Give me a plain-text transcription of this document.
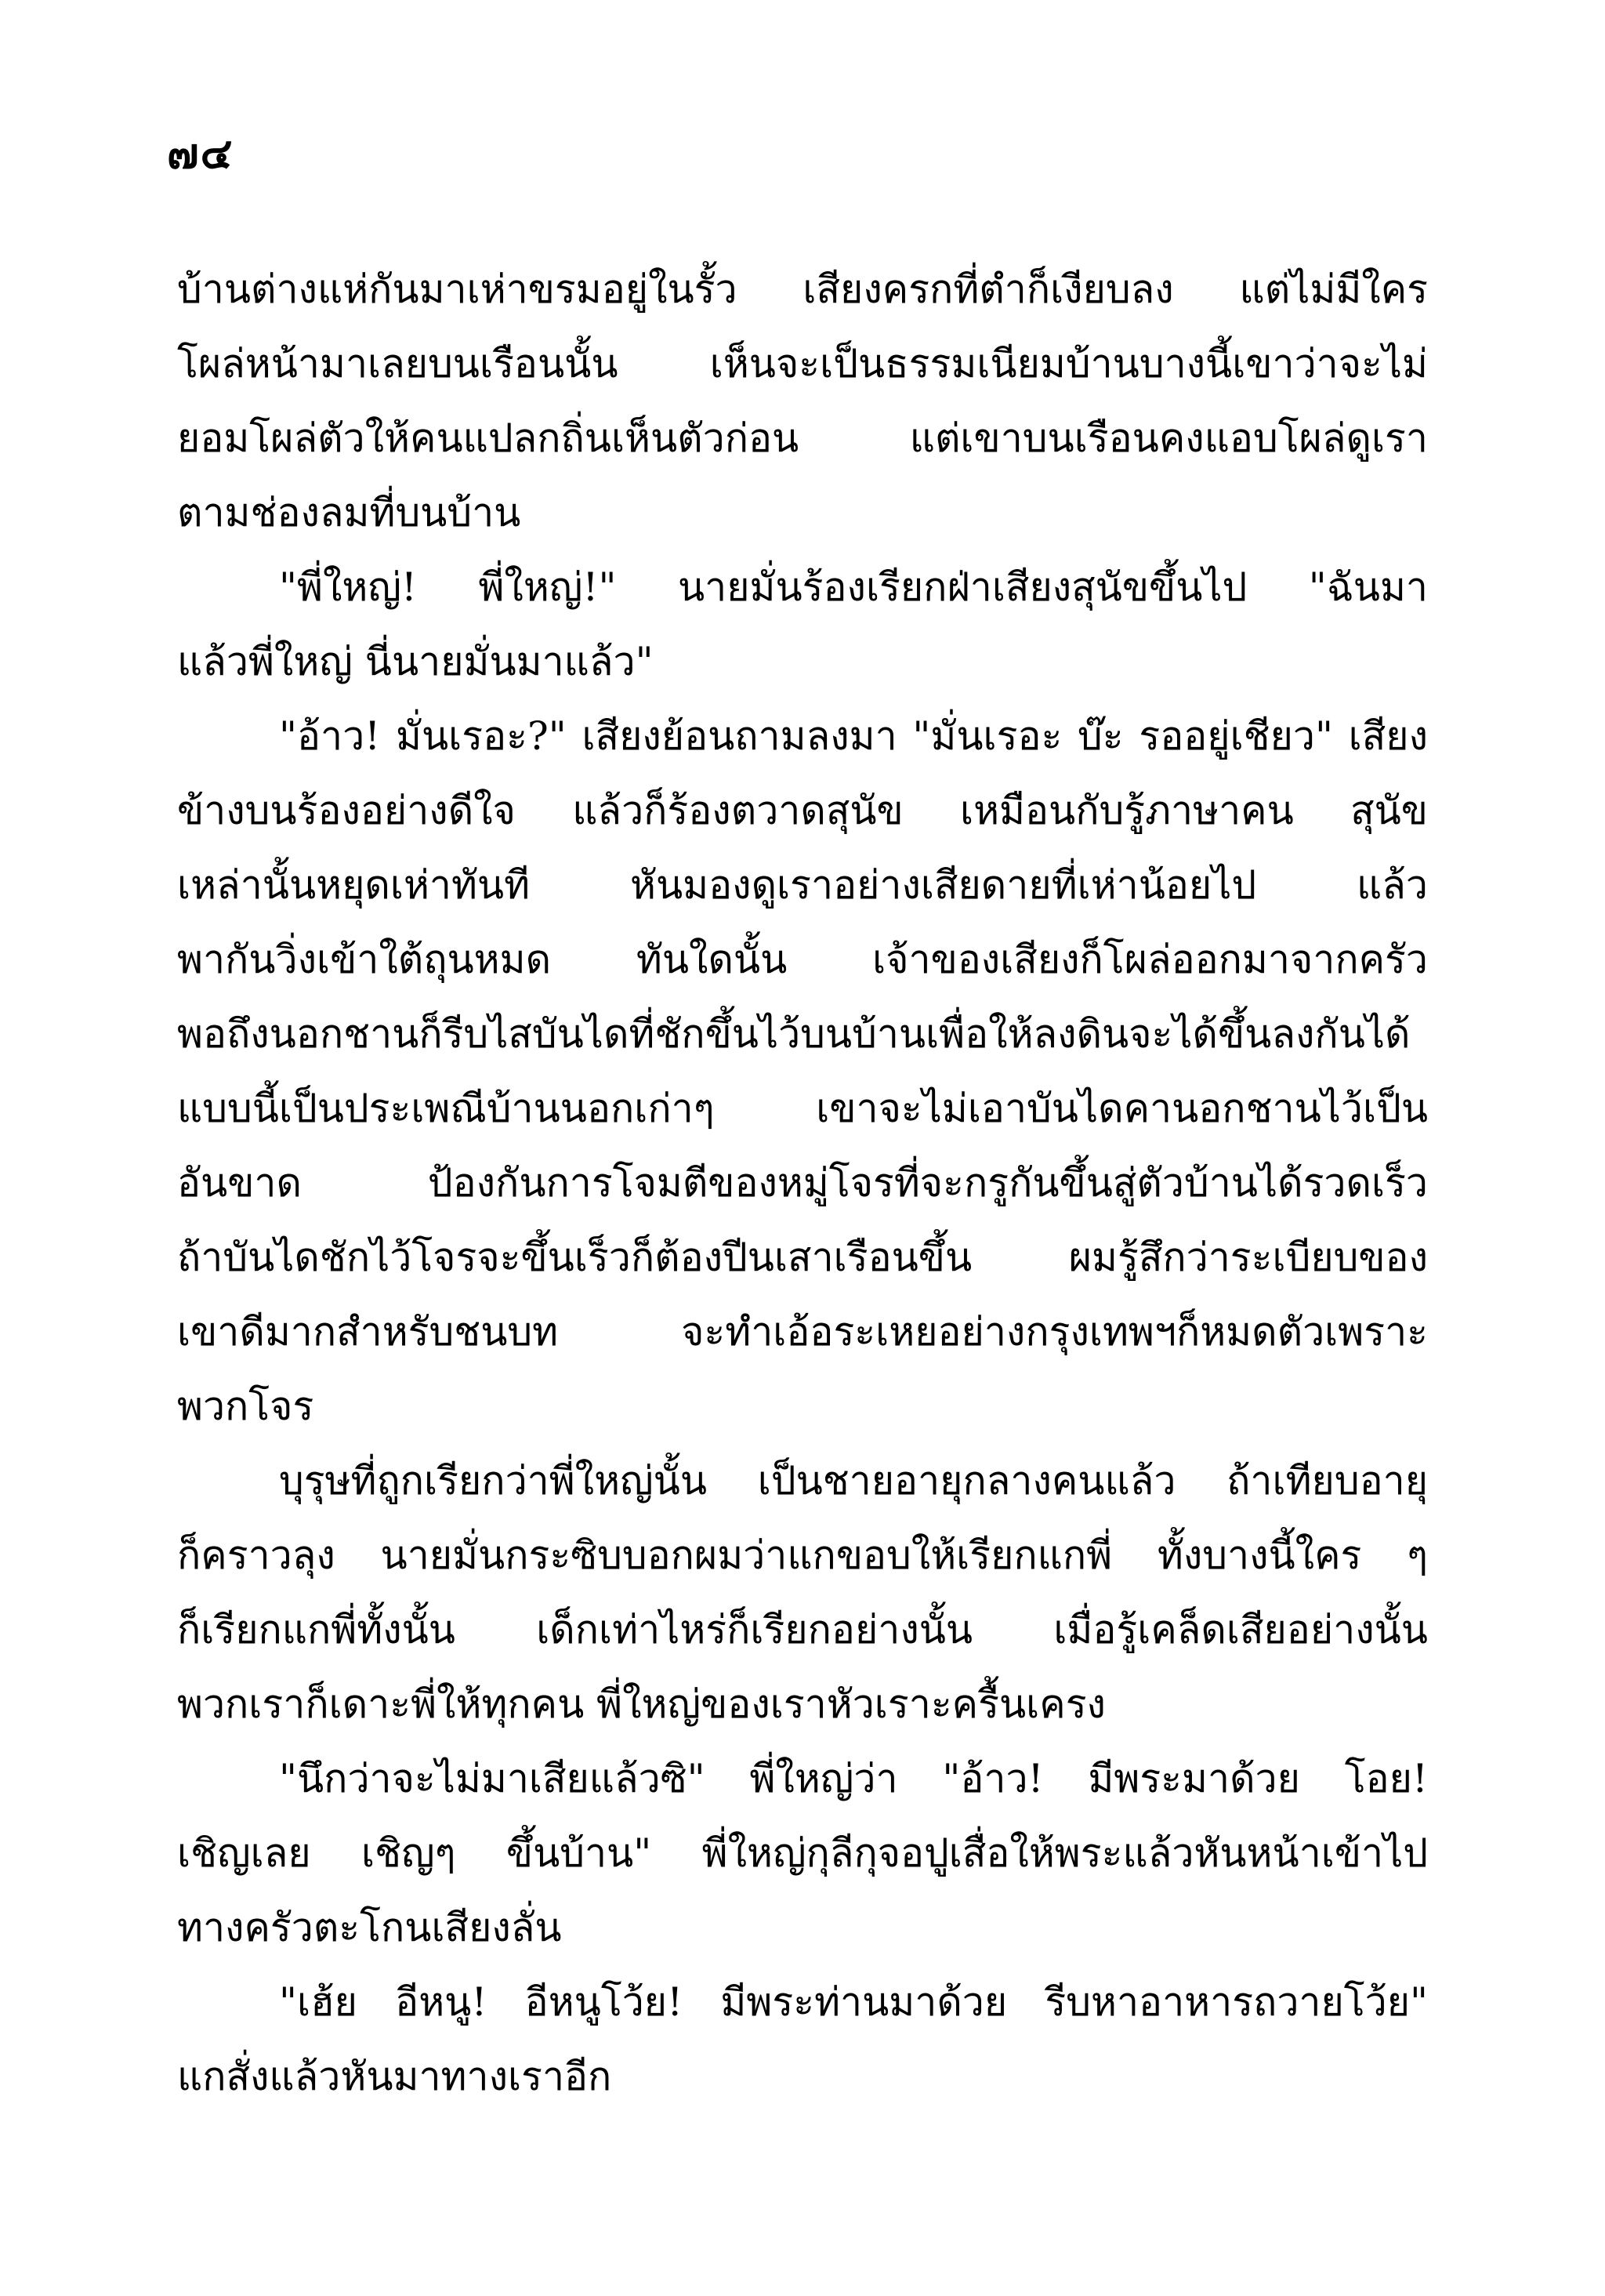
๗๔
บ้านต่างแห่กันมาเห่าขรมอยู่ในรั้ว เสียงครกที่ตำก็เงียบลง แต่ไม่มีใคร
โผล่หน้ามาเลยบนเรือนนั้น เห็นจะเป็นธรรมเนียมบ้านบางนี้เขาว่าจะไม่
ยอมโผล่ตัวให้คนแปลกถิ่นเห็นตัวก่อน แต่เขาบนเรือนคงแอบโผล่ดูเรา
ตามช่องลมที่บนบ้าน
"พี่ใหญ่! พี่ใหญ่!" นายมั่นร้องเรียกฝ่าเสียงสุนัขขึ้นไป "ฉันมา
แล้วพี่ใหญ่ นี่นายมั่นมาแล้ว"
"อ้าว! มั่นเรอะ?" เสียงย้อนถามลงมา "มั่นเรอะ บ๊ะ รออยู่เชียว" เสียง
ข้างบนร้องอย่างดีใจ แล้วก็ร้องตวาดสุนัข เหมือนกับรู้ภาษาคน สุนัข
เหล่านั้นหยุดเห่าทันที หันมองดูเราอย่างเสียดายที่เห่าน้อยไป แล้ว
พากันวิ่งเข้าใต้ถุนหมด ทันใดนั้น เจ้าของเสียงก็โผล่ออกมาจากครัว
พอถึงนอกชานก็รีบไสบันไดที่ชักขึ้นไว้บนบ้านเพื่อให้ลงดินจะได้ขึ้นลงกันได้
แบบนี้เป็นประเพณีบ้านนอกเก่าๆ เขาจะไม่เอาบันไดคานอกชานไว้เป็น
อันขาด ป้องกันการโจมตีของหมู่โจรที่จะกรูกันขึ้นสู่ตัวบ้านได้รวดเร็ว
ถ้าบันไดชักไว้โจรจะขึ้นเร็วก็ต้องปีนเสาเรือนขึ้น ผมรู้สึกว่าระเบียบของ
เขาดีมากสำหรับชนบท จะทำเอ้อระเหยอย่างกรุงเทพฯก็หมดตัวเพราะ
พวกโจร
บุรุษที่ถูกเรียกว่าพี่ใหญ่นั้น เป็นชายอายุกลางคนแล้ว ถ้าเทียบอายุ
ก็คราวลุง นายมั่นกระซิบบอกผมว่าแกขอบให้เรียกแกพี่ ทั้งบางนี้ใคร ๆ
ก็เรียกแกพี่ทั้งนั้น เด็กเท่าไหร่ก็เรียกอย่างนั้น เมื่อรู้เคล็ดเสียอย่างนั้น
พวกเราก็เดาะพี่ให้ทุกคน พี่ใหญ่ของเราหัวเราะครื้นเครง
"นึกว่าจะไม่มาเสียแล้วซิ" พี่ใหญ่ว่า "อ้าว! มีพระมาด้วย โอย!
เชิญเลย เชิญๆ ขึ้นบ้าน" พี่ใหญ่กุลีกุจอปูเสื่อให้พระแล้วหันหน้าเข้าไป
ทางครัวตะโกนเสียงลั่น
"เฮ้ย อีหนู! อีหนูโว้ย! มีพระท่านมาด้วย รีบหาอาหารถวายโว้ย"
แกสั่งแล้วหันมาทางเราอีก
